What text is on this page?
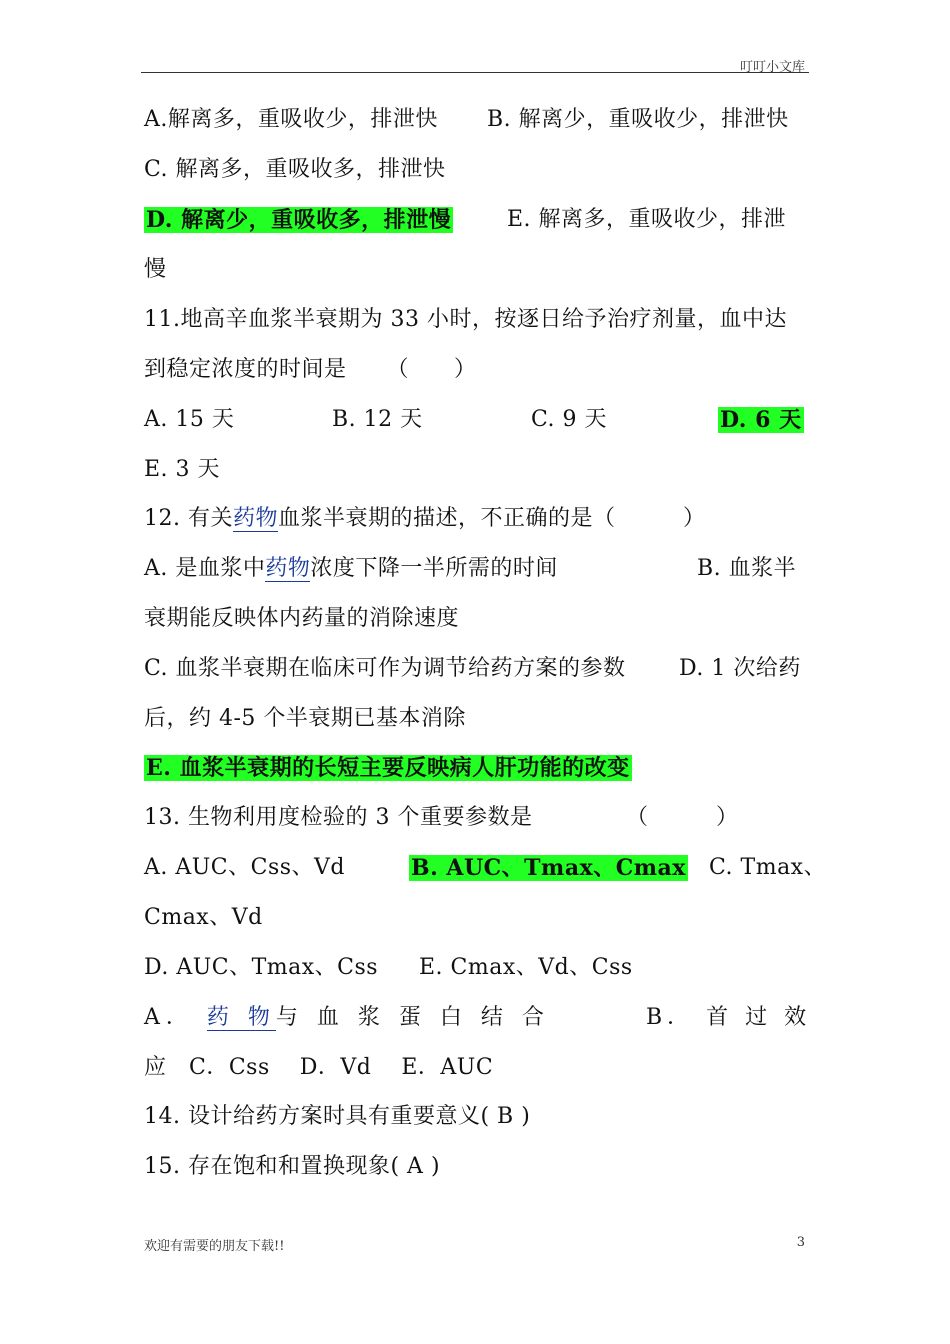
叮叮小文库
A.解离多，重吸收少，排泄快 B. 解离少，重吸收少，排泄快
C. 解离多，重吸收多，排泄快
D. 解离少，重吸收多，排泄慢	E. 解离多，重吸收少，排泄
慢
11.地高辛血浆半衰期为 33 小时，按逐日给予治疗剂量，血中达
到稳定浓度的时间是 （　　）
A. 15 天	B. 12 天	C. 9 天	D. 6 天
E. 3 天
12. 有关药物血浆半衰期的描述，不正确的是（　　　）
A. 是血浆中药物浓度下降一半所需的时间	B. 血浆半
衰期能反映体内药量的消除速度
C. 血浆半衰期在临床可作为调节给药方案的参数 D. 1 次给药
后，约 4-5 个半衰期已基本消除
E. 血浆半衰期的长短主要反映病人肝功能的改变
13. 生物利用度检验的 3 个重要参数是	（　　　）
A. AUC、Css、Vd	B. AUC、Tmax、Cmax C. Tmax、
Cmax、Vd
D. AUC、Tmax、Css E. Cmax、Vd、Css
A． 药 物与 血 浆 蛋 白 结 合	B． 首 过 效
应　C．Css　 D．Vd　 E．AUC
14. 设计给药方案时具有重要意义( B )
15. 存在饱和和置换现象( A )
欢迎有需要的朋友下载!!	3
